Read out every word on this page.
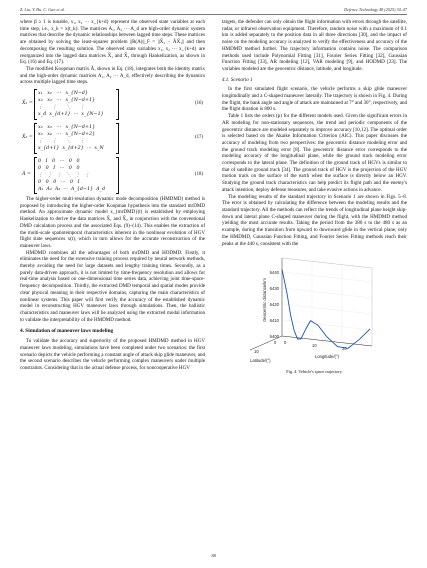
Z. Liu, Y. Hu, C. Gao et al.	Defence Technology 48 (2025) 34–47

where β ≥ 1 is tunable, x₁, x₂ ··· x_{k+d} represent the observed state variables at each time step, i.e., x_k = x(t_k). The matrices A₁, A₂ ··· A_d are high-order dynamic system matrices that describe the dynamic relationships between lagged time steps. These matrices are obtained by solving the least-squares problem ||R(A)||_F = ||X̃₂ − ÃX̃₁|| and then decomposing the resulting solution. The observed state variables x₁, x₂ ··· x_{k+d} are reorganized into the lagged data matrices X̃₁ and X̃₂ through Hankelization, as shown in Eq. (16) and Eq. (17).

The modified Koopman matrix Ã, shown in Eq. (18), integrates both the identity matrix and the high-order dynamic matrices A₁, A₂ ··· A_d, effectively describing the dynamics across multiple lagged time steps.

X̃₁ =
x₁   x₂   ···   x_{N−d}
x₂   x₃   ···   x_{N−d+1}
⋮      ⋮      ⋱      ⋮
x_d  x_{d+1}  ···  x_{N−1}
(16)
X̃₂ =
x₂   x₃   ···   x_{N−d+1}
x₃   x₄   ···   x_{N−d+2}
⋮      ⋮      ⋱      ⋮
x_{d+1}  x_{d+2}  ···  x_N
(17)
Ã =
0   I   0   ···   0   0
0   0   I   ···   0   0
⋮   ⋮   ⋮   ⋱   ⋮   ⋮
0   0   0   ···   0   I
A₁  A₂  A₃  ···  A_{d−1}  A_d
(18)

The higher-order multi-resolution dynamic mode decomposition (HMDMD) method is proposed by introducing the higher-order Koopman hypothesis into the standard mrDMD method. An approximate dynamic model x_{mrDMD}(t) is established by employing Hankelization to derive the data matrices X̃₁ and X̃₂ in conjunction with the conventional DMD calculation process and the associated Eqs. (9)–(14). This enables the extraction of the multi-scale spatiotemporal characteristics inherent in the nonlinear evolution of HGV flight state sequences x(t), which in turn allows for the accurate reconstruction of the maneuver laws.

HMDMD combines all the advantages of both mrDMD and HODMD. Firstly, it eliminates the need for the extensive training process required by neural network methods, thereby avoiding the need for large datasets and lengthy training times. Secondly, as a purely data-driven approach, it is not limited by time-frequency resolution and allows for real-time analysis based on one-dimensional time series data, achieving joint time-space-frequency decomposition. Thirdly, the extracted DMD temporal and spatial modes provide clear physical meaning in their respective domains, capturing the main characteristics of nonlinear systems. This paper will first verify the accuracy of the established dynamic model in reconstructing HGV maneuver laws through simulations. Then, the ballistic characteristics and maneuver laws will be analyzed using the extracted modal information to validate the interpretability of the HMDMD method.

4. Simulation of maneuver laws modeling

To validate the accuracy and superiority of the proposed HMDMD method in HGV maneuver laws modeling, simulations have been completed under two scenarios: the first scenario depicts the vehicle performing a constant angle of attack skip glide maneuver, and the second scenario describes the vehicle performing complex maneuvers under multiple constraints. Considering that in the actual defense process, for noncooperative HGV

targets, the defender can only obtain the flight information with errors through the satellite, radar, or infrared observation equipment. Therefore, random noise with a maximum of 0.1 km is added separately to the position data in all three directions [30], and the impact of noise on the modeling accuracy is analyzed to verify the effectiveness and accuracy of the HMDMD method further. The trajectory information contains noise. The comparison methods used include Polynomial Fitting [31], Fourier Series Fitting [32], Gaussian Function Fitting [33], AR modeling [12], VAR modeling [9], and HODMD [23]. The variables modeled are the geocentric distance, latitude, and longitude.

4.1. Scenario 1

In the first simulated flight scenario, the vehicle performs a skip glide maneuver longitudinally and a C-shaped maneuver laterally. The trajectory is shown in Fig. 4. During the flight, the bank angle and angle of attack are maintained at 7° and 30°, respectively, and the flight duration is 800 s.

Table 1 lists the orders (p) for the different models used. Given the significant errors in AR modeling for non-stationary sequences, the trend and periodic components of the geocentric distance are modeled separately to improve accuracy [10,12]. The optimal order is selected based on the Akaike Information Criterion (AIC). This paper discusses the accuracy of modeling from two perspectives: the geocentric distance modeling error and the ground track modeling error [8]. The geocentric distance error corresponds to the modeling accuracy of the longitudinal plane, while the ground track modeling error corresponds to the lateral plane. The definition of the ground track of HGVs is similar to that of satellite ground track [34]. The ground track of HGV is the projection of the HGV motion track on the surface of the earth when the surface is directly below an HGV. Studying the ground track characteristics can help predict its flight path and the enemy's attack intention, deploy defense measures, and take evasive actions in advance.

The modeling results of the standard trajectory in Scenario 1 are shown in Figs. 5–8. The error is obtained by calculating the difference between the modeling results and the standard trajectory. All the methods can reflect the trends of longitudinal plane height skip-down and lateral plane C-shaped maneuver during the flight, with the HMDMD method yielding the most accurate results. Taking the period from the 380 s to the 480 s as an example, during the transition from upward to downward glide in the vertical plane, only the HMDMD, Gaussian Function Fitting, and Fourier Series Fitting methods reach their peaks at the 440 s, consistent with the

6440
6430
6420
6410
6400
0
10
20
10
0
Longitude/(°)
Latitude/(°)
Geocentric distance/km
Fig. 4. Vehicle's space trajectory.
38
